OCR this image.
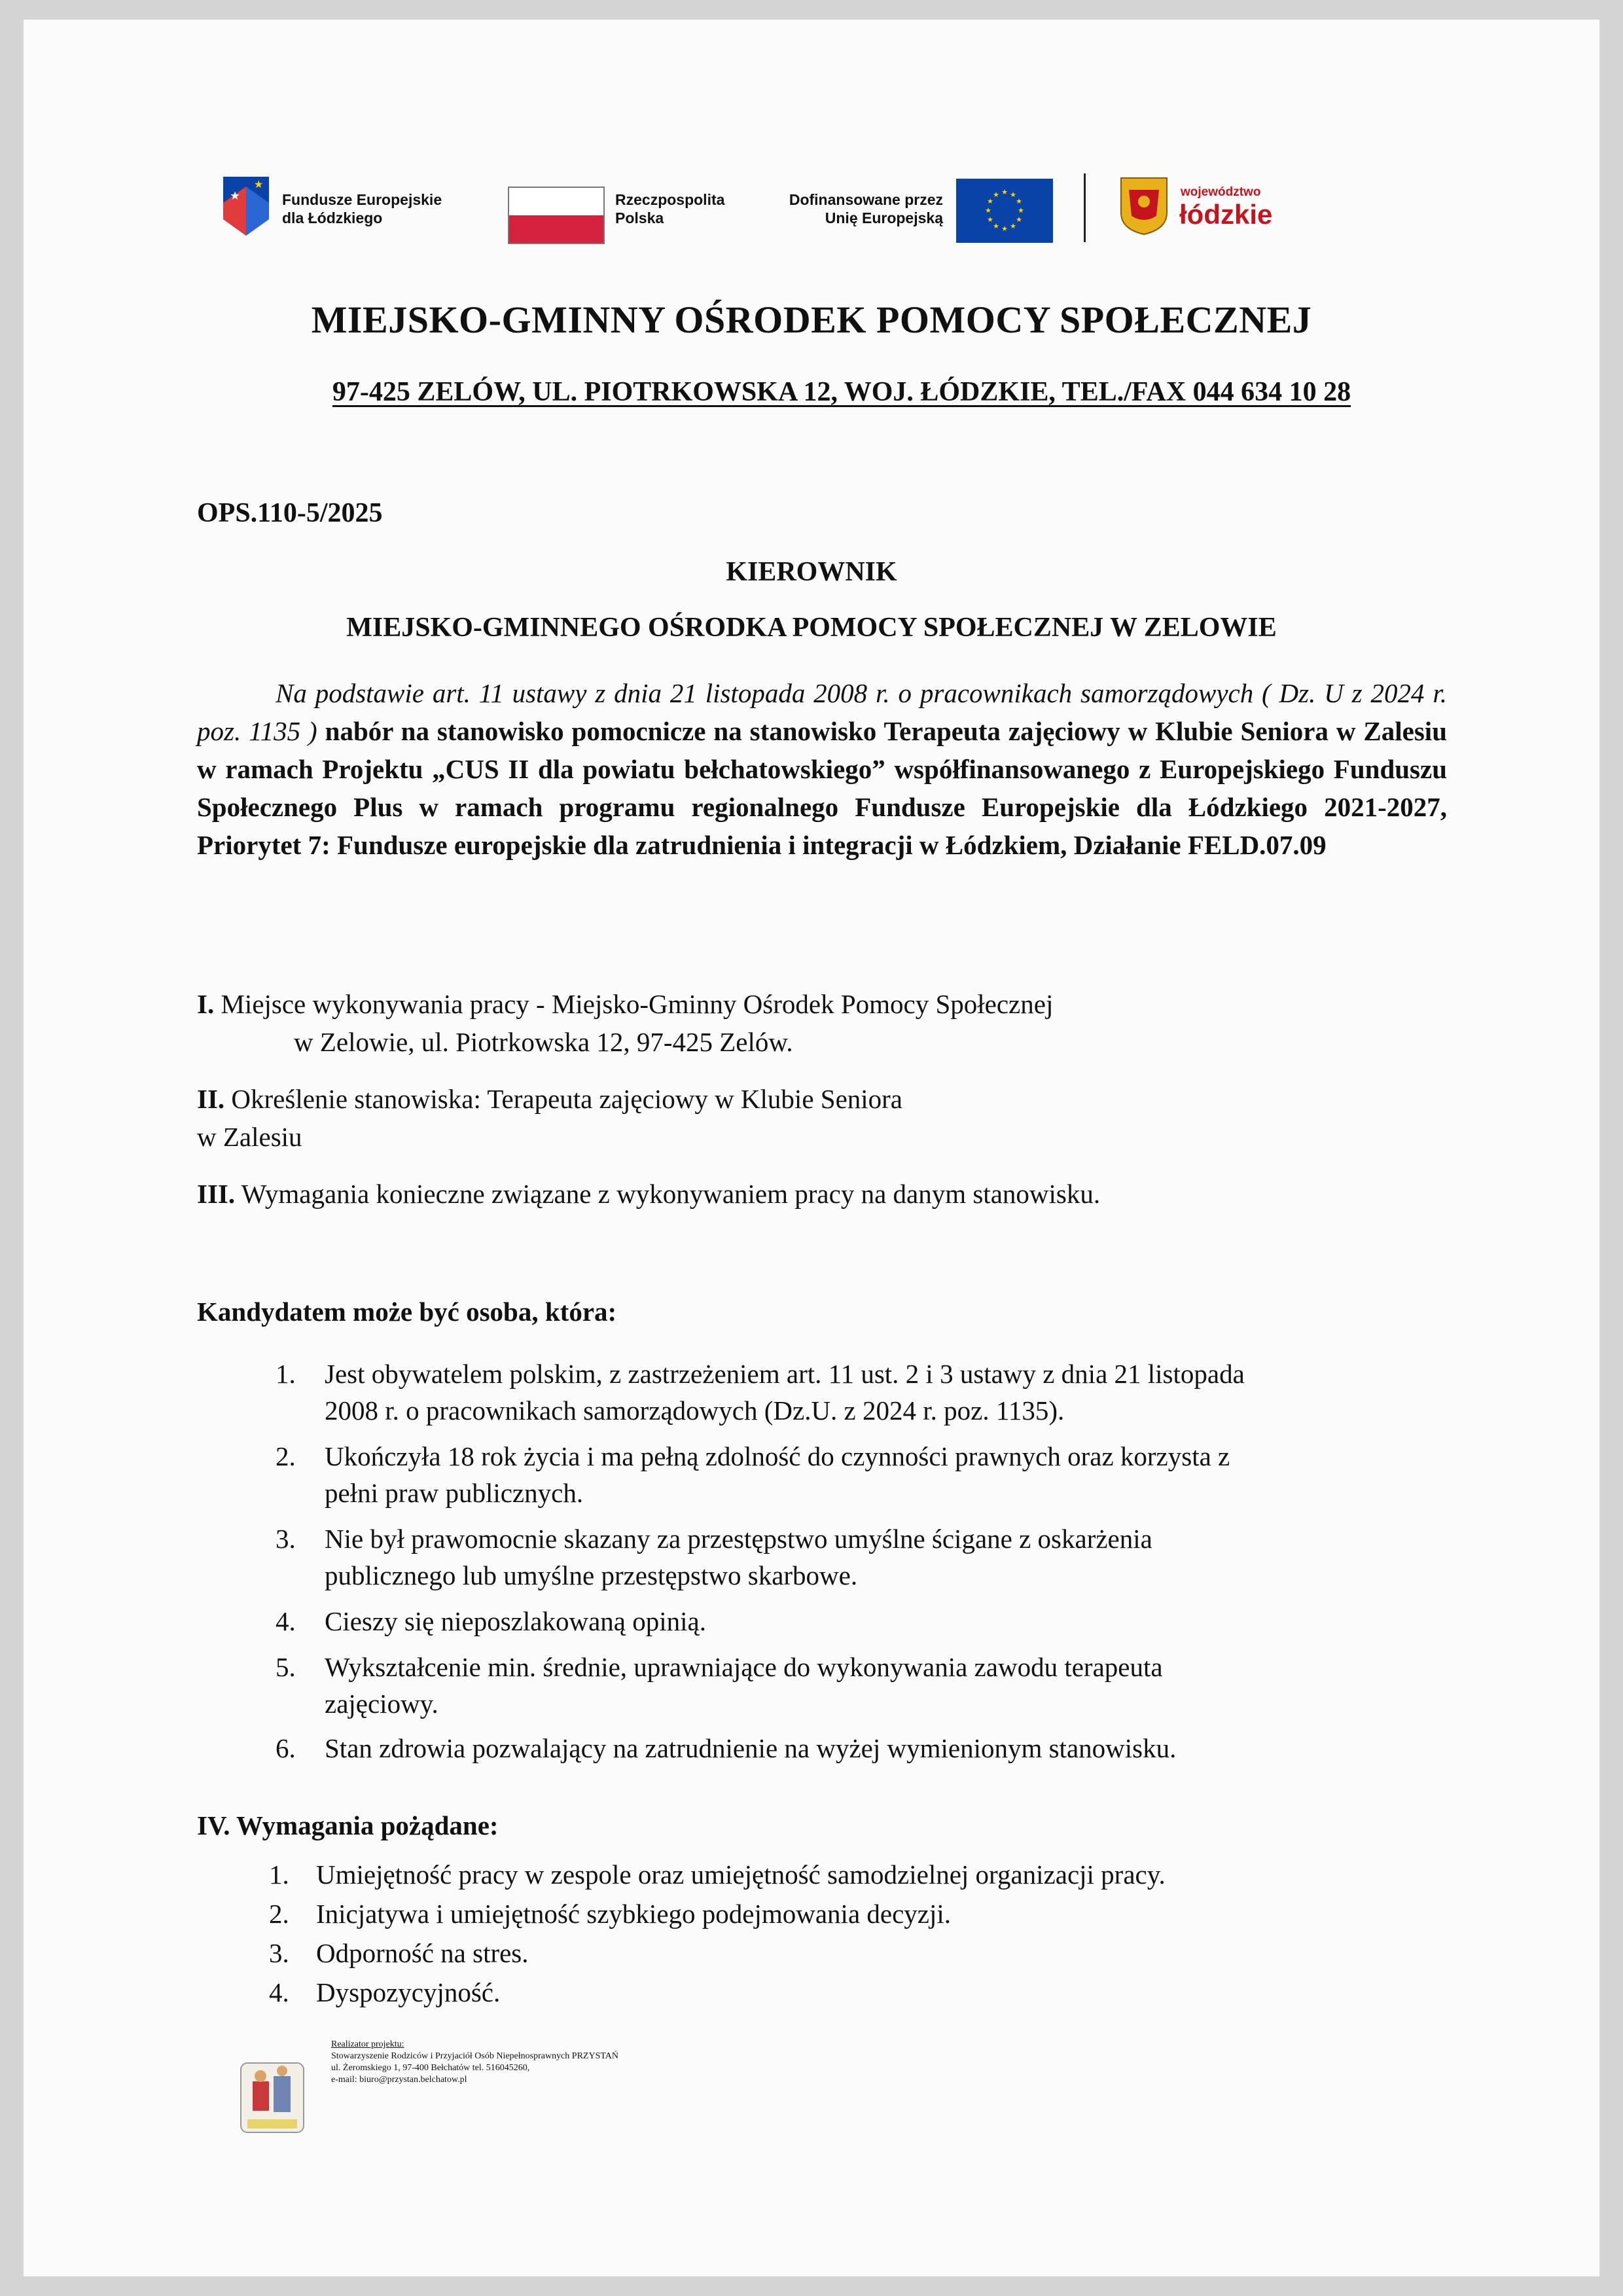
★
★	Fundusze Europejskie
dla Łódzkiego
Rzeczpospolita
Polska
Dofinansowane przez
Unię Europejską
★ ★
★
★
★
★
★
★
★
★
★
★	województwo
łódzkie
MIEJSKO-GMINNY OŚRODEK POMOCY SPOŁECZNEJ
97-425 ZELÓW, UL. PIOTRKOWSKA 12, WOJ. ŁÓDZKIE, TEL./FAX 044 634 10 28
OPS.110-5/2025
KIEROWNIK
MIEJSKO-GMINNEGO OŚRODKA POMOCY SPOŁECZNEJ W ZELOWIE
Na podstawie art. 11 ustawy z dnia 21 listopada 2008 r. o pracownikach samorządowych ( Dz. U z 2024 r. poz. 1135 ) nabór na stanowisko pomocnicze na stanowisko Terapeuta zajęciowy w Klubie Seniora w Zalesiu w ramach Projektu „CUS II dla powiatu bełchatowskiego” współfinansowanego z Europejskiego Funduszu Społecznego Plus w ramach programu regionalnego Fundusze Europejskie dla Łódzkiego 2021-2027, Priorytet 7: Fundusze europejskie dla zatrudnienia i integracji w Łódzkiem, Działanie FELD.07.09
I. Miejsce wykonywania pracy - Miejsko-Gminny Ośrodek Pomocy Społecznej
w Zelowie, ul. Piotrkowska 12, 97-425 Zelów.
II. Określenie stanowiska: Terapeuta zajęciowy w Klubie Seniora
w Zalesiu
III. Wymagania konieczne związane z wykonywaniem pracy na danym stanowisku.
Kandydatem może być osoba, która:
1. Jest obywatelem polskim, z zastrzeżeniem art. 11 ust. 2 i 3 ustawy z dnia 21 listopada
2008 r. o pracownikach samorządowych (Dz.U. z 2024 r. poz. 1135).
2. Ukończyła 18 rok życia i ma pełną zdolność do czynności prawnych oraz korzysta z
pełni praw publicznych.
3. Nie był prawomocnie skazany za przestępstwo umyślne ścigane z oskarżenia
publicznego lub umyślne przestępstwo skarbowe.
4. Cieszy się nieposzlakowaną opinią.
5. Wykształcenie min. średnie, uprawniające do wykonywania zawodu terapeuta
zajęciowy.
6. Stan zdrowia pozwalający na zatrudnienie na wyżej wymienionym stanowisku.
IV. Wymagania pożądane:
1. Umiejętność pracy w zespole oraz umiejętność samodzielnej organizacji pracy.
2. Inicjatywa i umiejętność szybkiego podejmowania decyzji.
3. Odporność na stres.
4. Dyspozycyjność.
Realizator projektu:
Stowarzyszenie Rodziców i Przyjaciół Osób Niepełnosprawnych PRZYSTAŃ
ul. Żeromskiego 1, 97-400 Bełchatów tel. 516045260,
e-mail: biuro@przystan.belchatow.pl
